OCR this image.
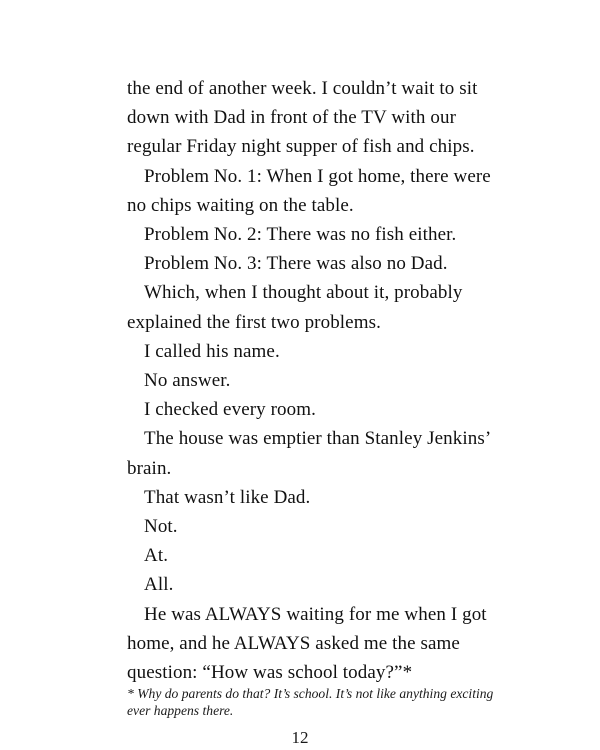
the end of another week. I couldn’t wait to sit

down with Dad in front of the TV with our

regular Friday night supper of fish and chips.

Problem No. 1: When I got home, there were

no chips waiting on the table.

Problem No. 2: There was no fish either.

Problem No. 3: There was also no Dad.

Which, when I thought about it, probably

explained the first two problems.

I called his name.

No answer.

I checked every room.

The house was emptier than Stanley Jenkins’

brain.

That wasn’t like Dad.

Not.

At.

All.

He was ALWAYS waiting for me when I got

home, and he ALWAYS asked me the same

question: “How was school today?”*

* Why do parents do that? It’s school. It’s not like anything exciting

ever happens there.

12
